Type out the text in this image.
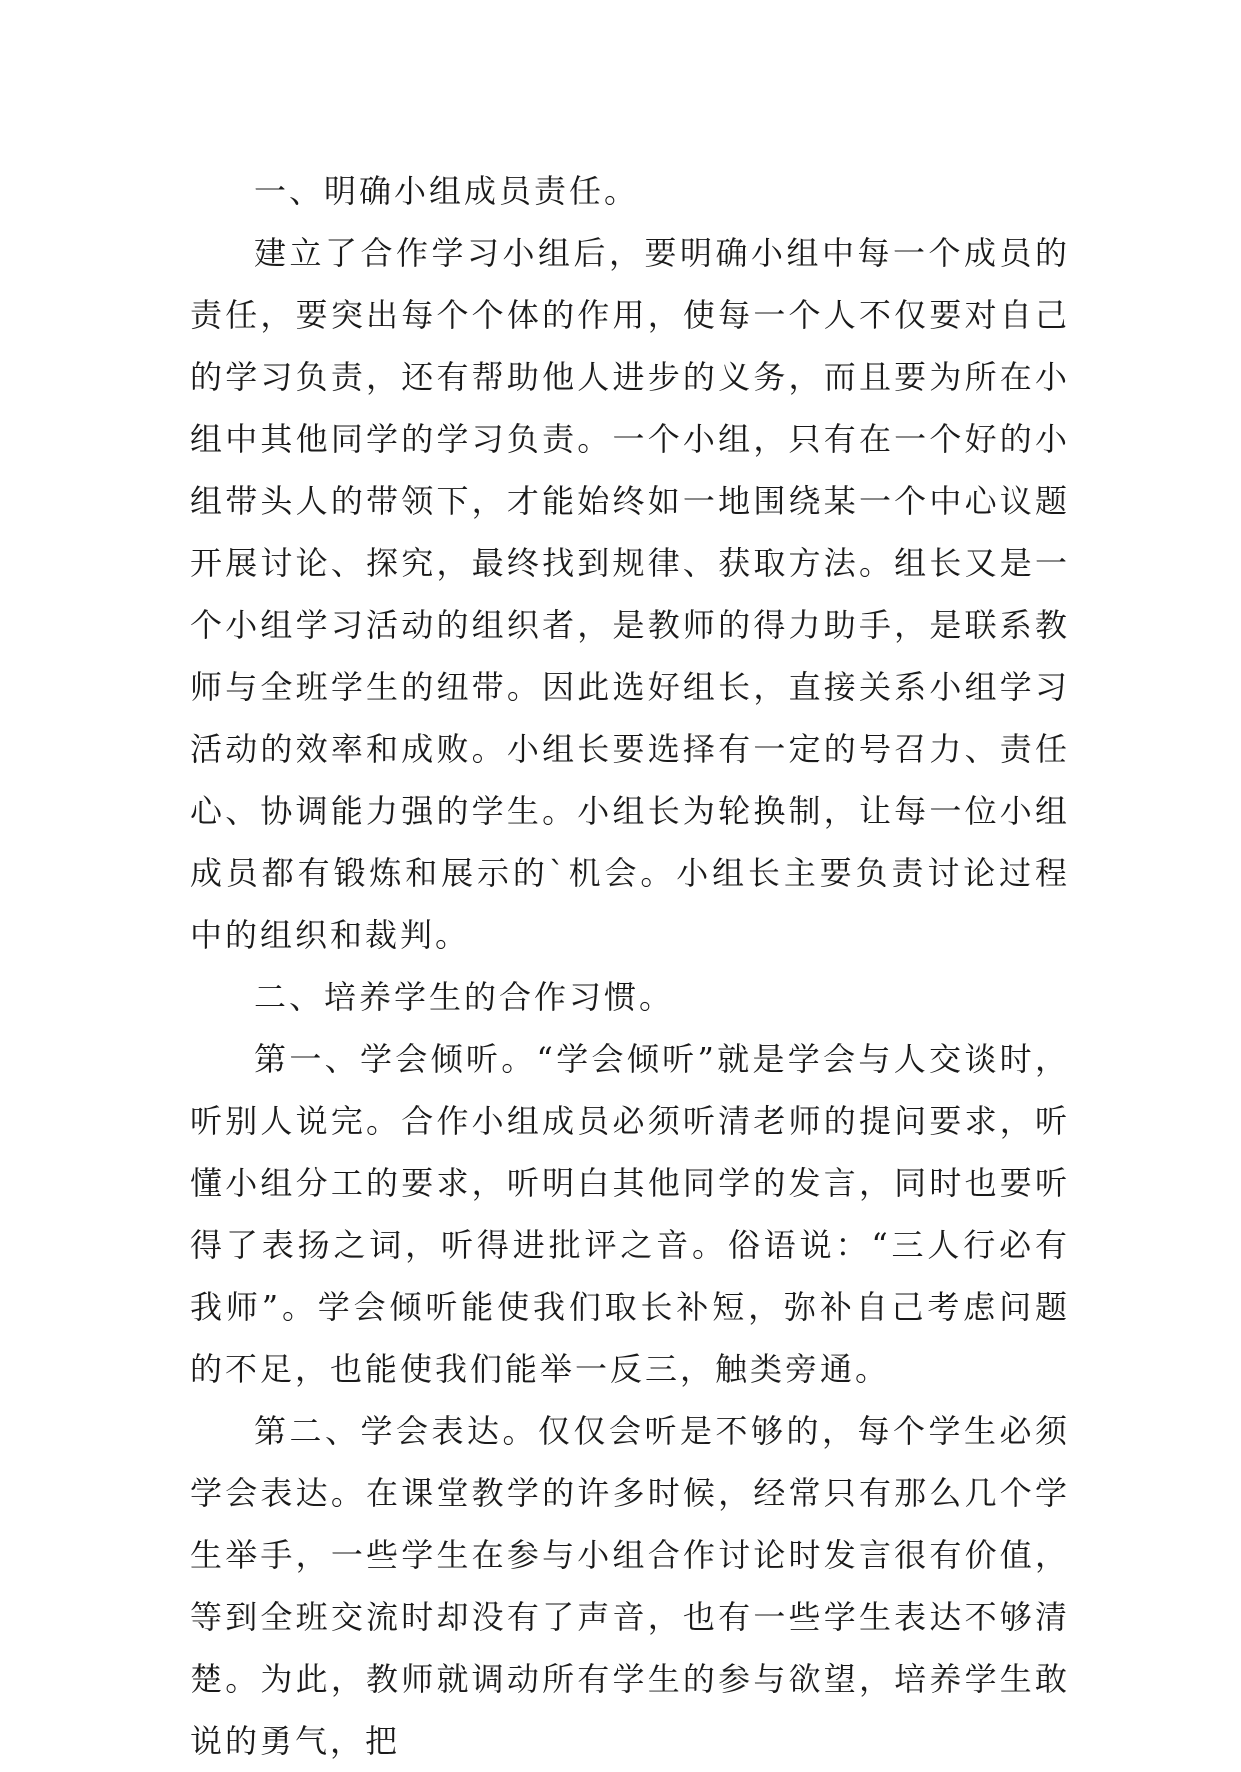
一、明确小组成员责任。

建立了合作学习小组后，要明确小组中每一个成员的责任，要突出每个个体的作用，使每一个人不仅要对自己的学习负责，还有帮助他人进步的义务，而且要为所在小组中其他同学的学习负责。一个小组，只有在一个好的小组带头人的带领下，才能始终如一地围绕某一个中心议题开展讨论、探究，最终找到规律、获取方法。组长又是一个小组学习活动的组织者，是教师的得力助手，是联系教师与全班学生的纽带。因此选好组长，直接关系小组学习活动的效率和成败。小组长要选择有一定的号召力、责任心、协调能力强的学生。小组长为轮换制，让每一位小组成员都有锻炼和展示的`机会。小组长主要负责讨论过程中的组织和裁判。

二、培养学生的合作习惯。

第一、学会倾听。“学会倾听”就是学会与人交谈时，听别人说完。合作小组成员必须听清老师的提问要求，听懂小组分工的要求，听明白其他同学的发言，同时也要听得了表扬之词，听得进批评之音。俗语说：“三人行必有我师”。学会倾听能使我们取长补短，弥补自己考虑问题的不足，也能使我们能举一反三，触类旁通。

第二、学会表达。仅仅会听是不够的，每个学生必须学会表达。在课堂教学的许多时候，经常只有那么几个学生举手，一些学生在参与小组合作讨论时发言很有价值，等到全班交流时却没有了声音，也有一些学生表达不够清楚。为此，教师就调动所有学生的参与欲望，培养学生敢说的勇气，把
